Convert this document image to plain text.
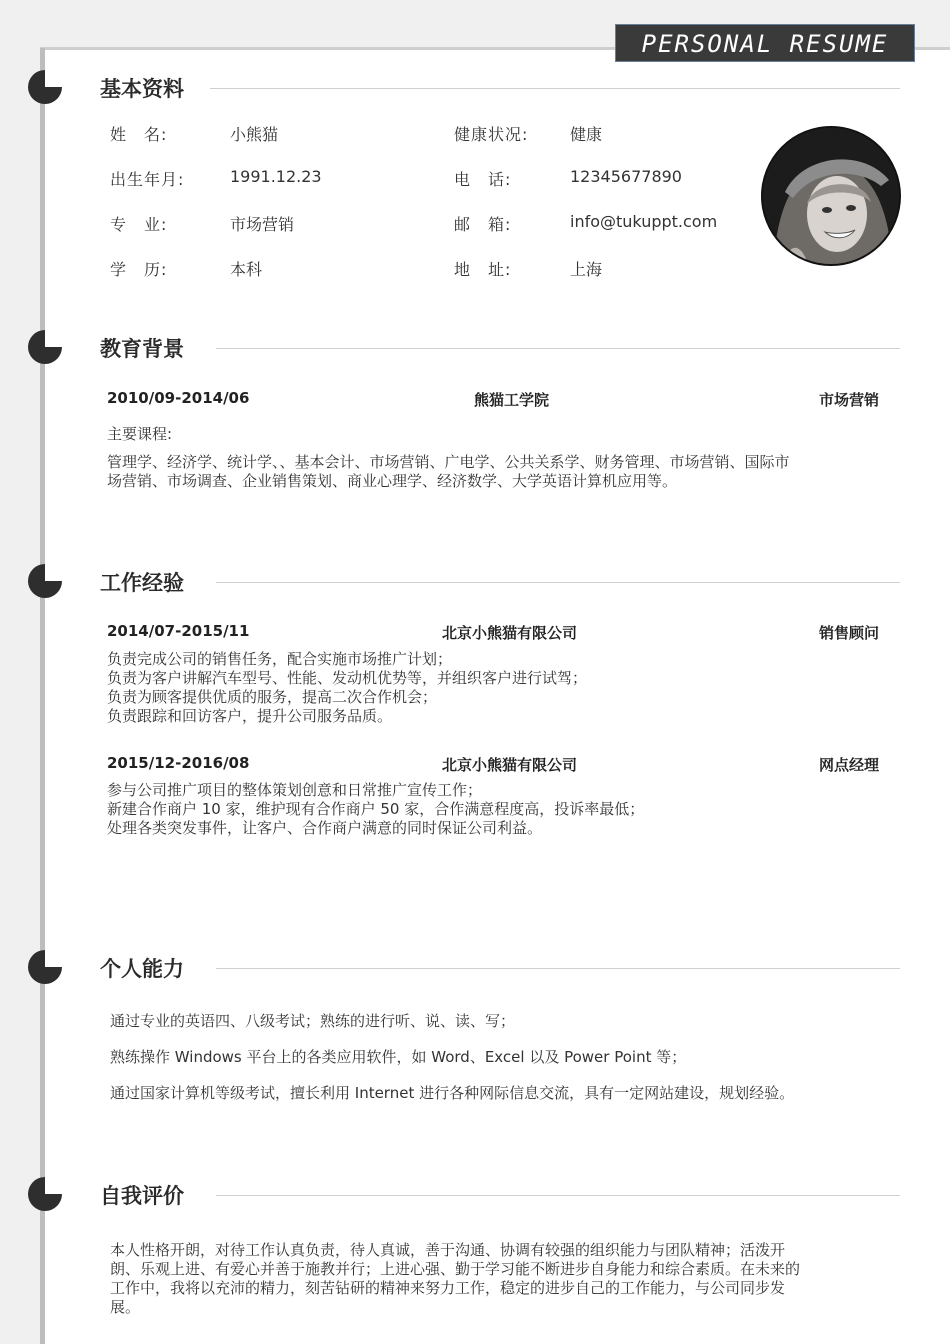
PERSONAL RESUME
基本资料
姓　名:	小熊猫	健康状况:	健康
出生年月:	1991.12.23	电　话:	12345677890
专　业:	市场营销	邮　箱:	info@tukuppt.com
学　历:	本科	地　址:	上海
教育背景
2010/09-2014/06	熊猫工学院	市场营销
主要课程:
管理学、经济学、统计学、、基本会计、市场营销、广电学、公共关系学、财务管理、市场营销、国际市
场营销、市场调查、企业销售策划、商业心理学、经济数学、大学英语计算机应用等。
工作经验
2014/07-2015/11	北京小熊猫有限公司	销售顾问
负责完成公司的销售任务，配合实施市场推广计划；
负责为客户讲解汽车型号、性能、发动机优势等，并组织客户进行试驾；
负责为顾客提供优质的服务，提高二次合作机会；
负责跟踪和回访客户，提升公司服务品质。
2015/12-2016/08	北京小熊猫有限公司	网点经理
参与公司推广项目的整体策划创意和日常推广宣传工作；
新建合作商户 10 家，维护现有合作商户 50 家，合作满意程度高，投诉率最低；
处理各类突发事件，让客户、合作商户满意的同时保证公司利益。
个人能力
通过专业的英语四、八级考试；熟练的进行听、说、读、写；
熟练操作 Windows 平台上的各类应用软件，如 Word、Excel 以及 Power Point 等；
通过国家计算机等级考试，擅长利用 Internet 进行各种网际信息交流，具有一定网站建设，规划经验。
自我评价
本人性格开朗，对待工作认真负责，待人真诚，善于沟通、协调有较强的组织能力与团队精神；活泼开
朗、乐观上进、有爱心并善于施教并行；上进心强、勤于学习能不断进步自身能力和综合素质。在未来的
工作中，我将以充沛的精力，刻苦钻研的精神来努力工作，稳定的进步自己的工作能力，与公司同步发
展。
